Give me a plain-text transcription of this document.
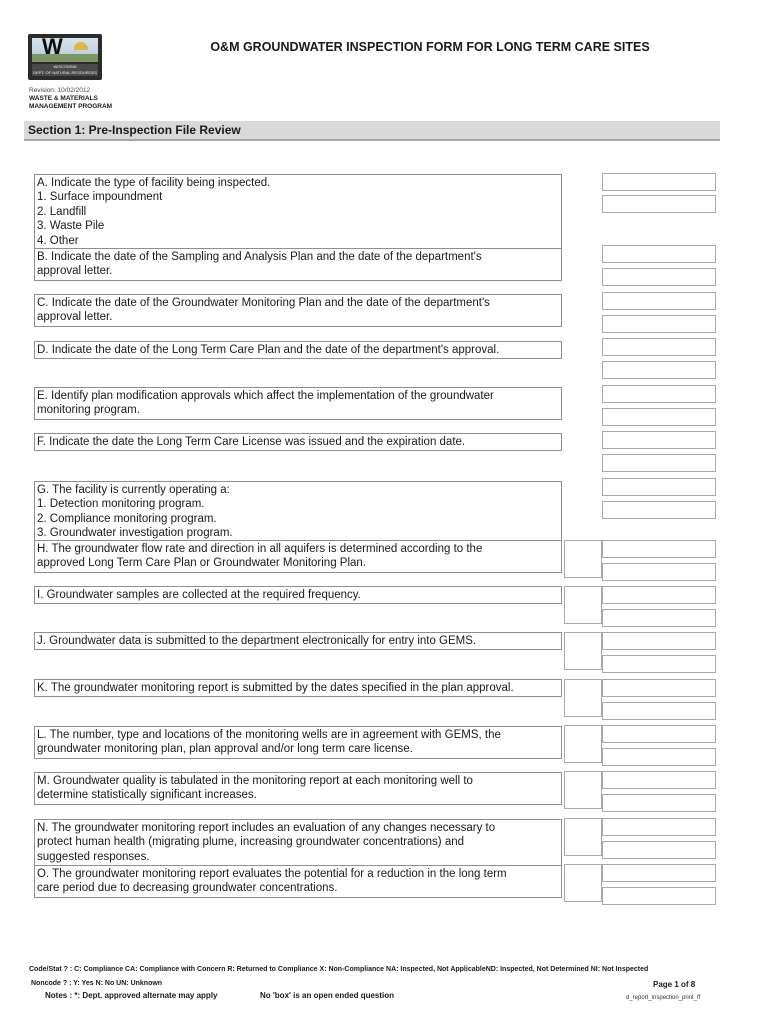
W
WISCONSIN
DEPT. OF NATURAL RESOURCES
O&M GROUNDWATER INSPECTION FORM FOR LONG TERM CARE SITES
Revision: 10/02/2012
WASTE & MATERIALS
MANAGEMENT PROGRAM
Section 1: Pre-Inspection File Review
A. Indicate the type of facility being inspected.
1. Surface impoundment
2. Landfill
3. Waste Pile
4. Other
B. Indicate the date of the Sampling and Analysis Plan and the date of the department's
approval letter.
C. Indicate the date of the Groundwater Monitoring Plan and the date of the department's
approval letter.
D. Indicate the date of the Long Term Care Plan and the date of the department's approval.
E. Identify plan modification approvals which affect the implementation of the groundwater
monitoring program.
F. Indicate the date the Long Term Care License was issued and the expiration date.
G. The facility is currently operating a:
1. Detection monitoring program.
2. Compliance monitoring program.
3. Groundwater investigation program.
H. The groundwater flow rate and direction in all aquifers is determined according to the
approved Long Term Care Plan or Groundwater Monitoring Plan.
I. Groundwater samples are collected at the required frequency.
J. Groundwater data is submitted to the department electronically for entry into GEMS.
K. The groundwater monitoring report is submitted by the dates specified in the plan approval.
L. The number, type and locations of the monitoring wells are in agreement with GEMS, the
groundwater monitoring plan, plan approval and/or long term care license.
M. Groundwater quality is tabulated in the monitoring report at each monitoring well to
determine statistically significant increases.
N. The groundwater monitoring report includes an evaluation of any changes necessary to
protect human health (migrating plume, increasing groundwater concentrations) and
suggested responses.
O. The groundwater monitoring report evaluates the potential for a reduction in the long term
care period due to decreasing groundwater concentrations.
Code/Stat ? : C: Compliance CA: Compliance with Concern R: Returned to Compliance X: Non-Compliance NA: Inspected, Not ApplicableND: Inspected, Not Determined NI: Not Inspected
Noncode ? : Y: Yes N: No UN: Unknown
Notes : *: Dept. approved alternate may apply	No 'box' is an open ended question
Page 1 of 8
d_report_inspection_print_ff
